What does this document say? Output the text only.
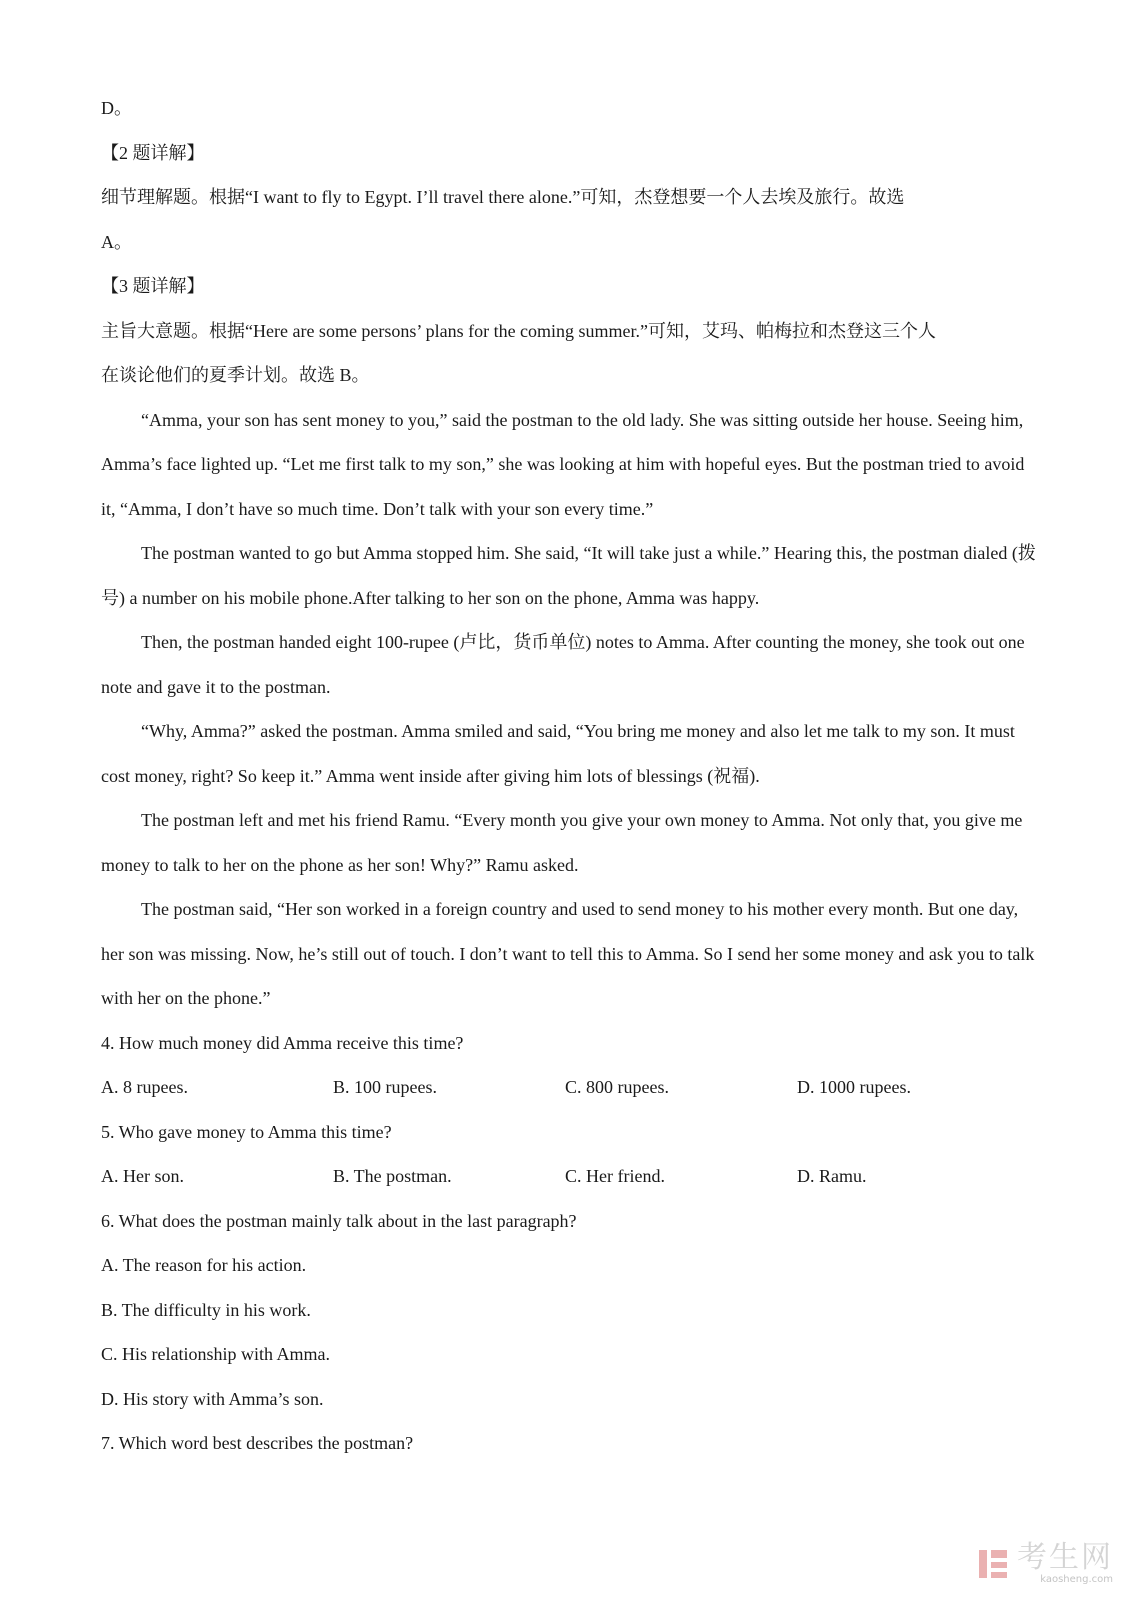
D。

【2 题详解】

细节理解题。根据“I want to fly to Egypt. I’ll travel there alone.”可知，杰登想要一个人去埃及旅行。故选

A。

【3 题详解】

主旨大意题。根据“Here are some persons’ plans for the coming summer.”可知，艾玛、帕梅拉和杰登这三个人

在谈论他们的夏季计划。故选 B。

“Amma, your son has sent money to you,” said the postman to the old lady. She was sitting outside her house. Seeing him, Amma’s face lighted up. “Let me first talk to my son,” she was looking at him with hopeful eyes. But the postman tried to avoid it, “Amma, I don’t have so much time. Don’t talk with your son every time.”

The postman wanted to go but Amma stopped him. She said, “It will take just a while.” Hearing this, the postman dialed (拨号) a number on his mobile phone.After talking to her son on the phone, Amma was happy.

Then, the postman handed eight 100-rupee (卢比，货币单位) notes to Amma. After counting the money, she took out one note and gave it to the postman.

“Why, Amma?” asked the postman. Amma smiled and said, “You bring me money and also let me talk to my son. It must cost money, right? So keep it.” Amma went inside after giving him lots of blessings (祝福).

The postman left and met his friend Ramu. “Every month you give your own money to Amma. Not only that, you give me money to talk to her on the phone as her son! Why?” Ramu asked.

The postman said, “Her son worked in a foreign country and used to send money to his mother every month. But one day, her son was missing. Now, he’s still out of touch. I don’t want to tell this to Amma. So I send her some money and ask you to talk with her on the phone.”

4. How much money did Amma receive this time?

A. 8 rupees.	B. 100 rupees.	C. 800 rupees.	D. 1000 rupees.

5. Who gave money to Amma this time?

A. Her son.	B. The postman.	C. Her friend.	D. Ramu.

6. What does the postman mainly talk about in the last paragraph?

A. The reason for his action.

B. The difficulty in his work.

C. His relationship with Amma.

D. His story with Amma’s son.

7. Which word best describes the postman?

考生网
kaosheng.com
